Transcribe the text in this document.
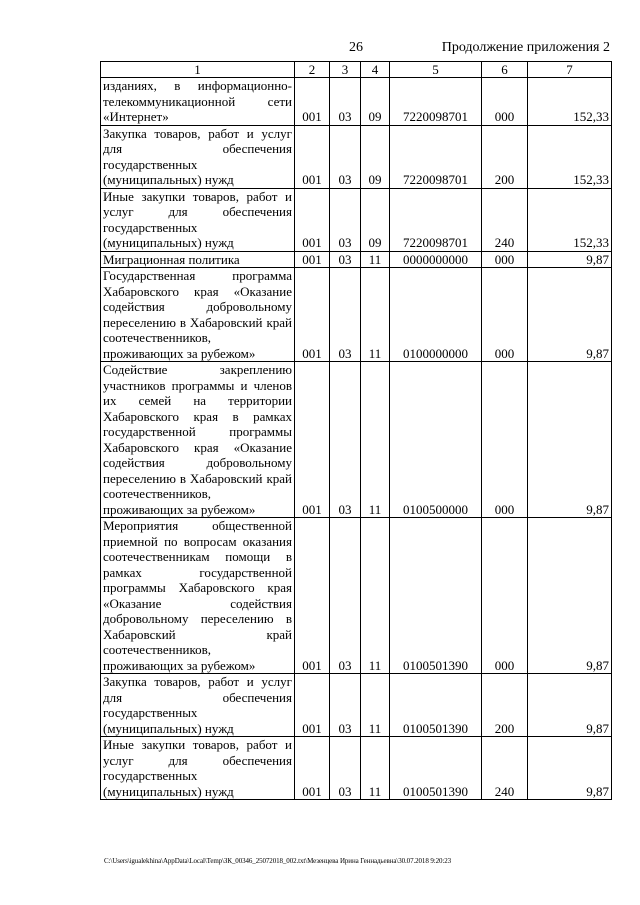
26	Продолжение приложения 2
1	2	3	4	5	6	7
изданиях, в информационно-телекоммуникационной сети «Интернет»	001	03	09	7220098701	000	152,33
Закупка товаров, работ и услуг для обеспечения государственных (муниципальных) нужд	001	03	09	7220098701	200	152,33
Иные закупки товаров, работ и услуг для обеспечения государственных (муниципальных) нужд	001	03	09	7220098701	240	152,33
Миграционная политика	001	03	11	0000000000	000	9,87
Государственная программа Хабаровского края «Оказание содействия добровольному переселению в Хабаровский край соотечественников, проживающих за рубежом»	001	03	11	0100000000	000	9,87
Содействие закреплению участников программы и членов их семей на территории Хабаровского края в рамках государственной программы Хабаровского края «Оказание содействия добровольному переселению в Хабаровский край соотечественников, проживающих за рубежом»	001	03	11	0100500000	000	9,87
Мероприятия общественной приемной по вопросам оказания соотечественникам помощи в рамках государственной программы Хабаровского края «Оказание содействия добровольному переселению в Хабаровский край соотечественников, проживающих за рубежом»	001	03	11	0100501390	000	9,87
Закупка товаров, работ и услуг для обеспечения государственных (муниципальных) нужд	001	03	11	0100501390	200	9,87
Иные закупки товаров, работ и услуг для обеспечения государственных (муниципальных) нужд	001	03	11	0100501390	240	9,87
C:\Users\igualekhina\AppData\Local\Temp\ЗК_00346_25072018_002.txt\Мезенцева Ирина Геннадьевна\30.07.2018 9:20:23
